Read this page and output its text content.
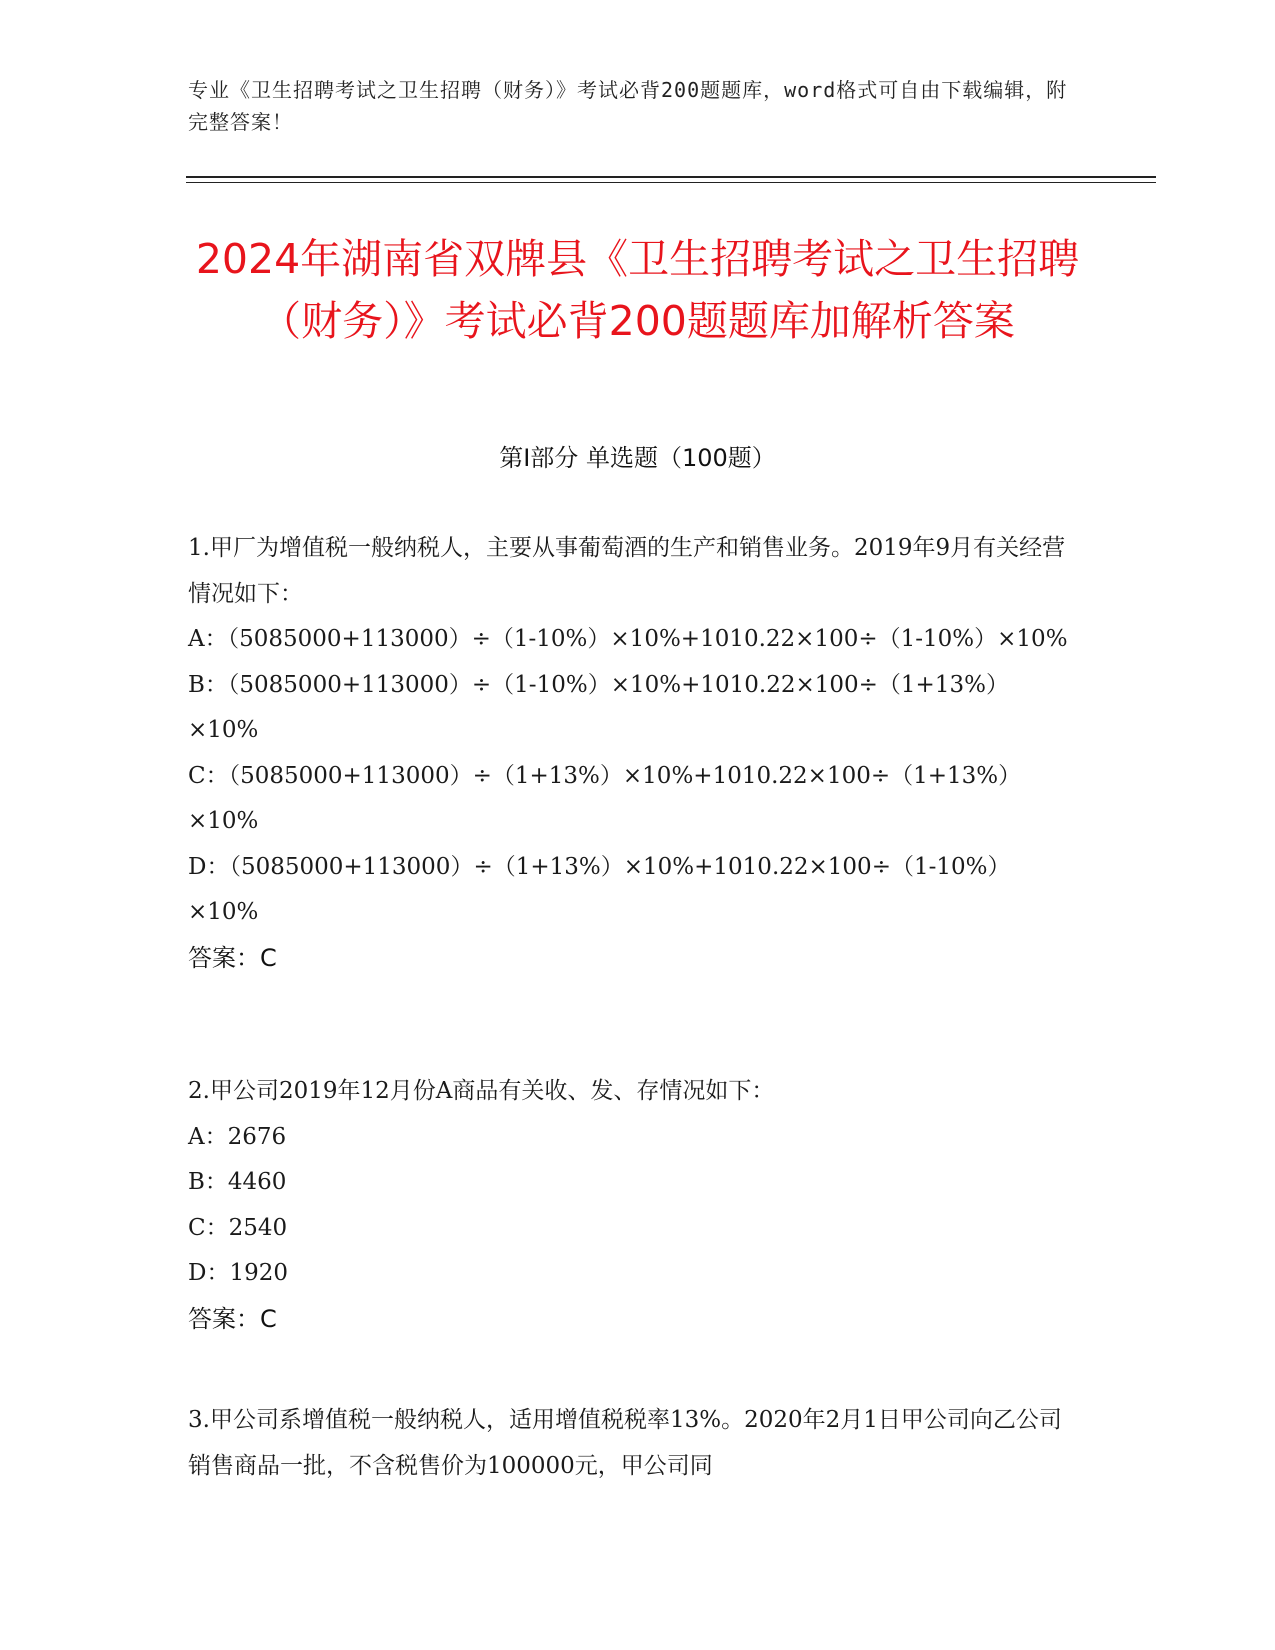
专业《卫生招聘考试之卫生招聘（财务）》考试必背200题题库，word格式可自由下载编辑，附完整答案！
2024年湖南省双牌县《卫生招聘考试之卫生招聘（财务）》考试必背200题题库加解析答案
第Ⅰ部分 单选题（100题）

1.甲厂为增值税一般纳税人，主要从事葡萄酒的生产和销售业务。2019年9月有关经营情况如下：

A：（5085000+113000）÷（1-10%）×10%+1010.22×100÷（1-10%）×10%

B：（5085000+113000）÷（1-10%）×10%+1010.22×100÷（1+13%）×10%

C：（5085000+113000）÷（1+13%）×10%+1010.22×100÷（1+13%）×10%

D：（5085000+113000）÷（1+13%）×10%+1010.22×100÷（1-10%）×10%

答案：C

2.甲公司2019年12月份A商品有关收、发、存情况如下：

A：2676

B：4460

C：2540

D：1920

答案：C

3.甲公司系增值税一般纳税人，适用增值税税率13%。2020年2月1日甲公司向乙公司销售商品一批，不含税售价为100000元，甲公司同
